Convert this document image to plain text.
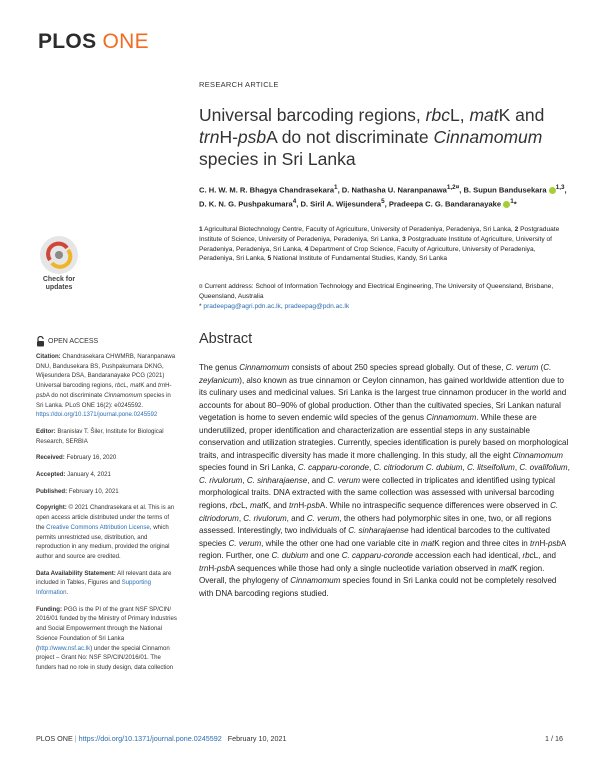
PLOS ONE
RESEARCH ARTICLE
Universal barcoding regions, rbcL, matK and trnH-psbA do not discriminate Cinnamomum species in Sri Lanka
C. H. W. M. R. Bhagya Chandrasekara$^1$, D. Nathasha U. Naranpanawa$^{1,2¤}$, B. Supun Bandusekara $^{1,3}$, D. K. N. G. Pushpakumara$^4$, D. Siril A. Wijesundera$^5$, Pradeepa C. G. Bandaranayake $^1$*
1 Agricultural Biotechnology Centre, Faculty of Agriculture, University of Peradeniya, Peradeniya, Sri Lanka, 2 Postgraduate Institute of Science, University of Peradeniya, Peradeniya, Sri Lanka, 3 Postgraduate Institute of Agriculture, University of Peradeniya, Peradeniya, Sri Lanka, 4 Department of Crop Science, Faculty of Agriculture, University of Peradeniya, Peradeniya, Sri Lanka, 5 National Institute of Fundamental Studies, Kandy, Sri Lanka
¤ Current address: School of Information Technology and Electrical Engineering, The University of Queensland, Brisbane, Queensland, Australia
* pradeepag@agri.pdn.ac.lk, pradeepag@pdn.ac.lk
Abstract
The genus Cinnamomum consists of about 250 species spread globally. Out of these, C. verum (C. zeylanicum), also known as true cinnamon or Ceylon cinnamon, has gained worldwide attention due to its culinary uses and medicinal values. Sri Lanka is the largest true cinnamon producer in the world and accounts for about 80–90% of global production. Other than the cultivated species, Sri Lankan natural vegetation is home to seven endemic wild species of the genus Cinnamomum. While these are underutilized, proper identification and characterization are essential steps in any sustainable conservation and utilization strategies. Currently, species identification is purely based on morphological traits, and intraspecific diversity has made it more challenging. In this study, all the eight Cinnamomum species found in Sri Lanka, C. capparu-coronde, C. citriodorum C. dubium, C. litseifolium, C. ovalifolium, C. rivulorum, C. sinharajaense, and C. verum were collected in triplicates and identified using typical morphological traits. DNA extracted with the same collection was assessed with universal barcoding regions, rbcL, matK, and trnH-psbA. While no intraspecific sequence differences were observed in C. citriodorum, C. rivulorum, and C. verum, the others had polymorphic sites in one, two, or all regions assessed. Interestingly, two individuals of C. sinharajaense had identical barcodes to the cultivated species C. verum, while the other one had one variable cite in matK region and three cites in trnH-psbA region. Further, one C. dubium and one C. capparu-coronde accession each had identical, rbcL, and trnH-psbA sequences while those had only a single nucleotide variation observed in matK region. Overall, the phylogeny of Cinnamomum species found in Sri Lanka could not be completely resolved with DNA barcoding regions studied.
Check for
updates
OPEN ACCESS

Citation: Chandrasekara CHWMRB, Naranpanawa DNU, Bandusekara BS, Pushpakumara DKNG, Wijesundera DSA, Bandaranayake PCG (2021) Universal barcoding regions, rbcL, matK and trnH-psbA do not discriminate Cinnamomum species in Sri Lanka. PLoS ONE 16(2): e0245592. https://doi.org/10.1371/journal.pone.0245592

Editor: Branislav T. Šiler, Institute for Biological Research, SERBIA

Received: February 16, 2020

Accepted: January 4, 2021

Published: February 10, 2021

Copyright: © 2021 Chandrasekara et al. This is an open access article distributed under the terms of the Creative Commons Attribution License, which permits unrestricted use, distribution, and reproduction in any medium, provided the original author and source are credited.

Data Availability Statement: All relevant data are included in Tables, Figures and Supporting Information.

Funding: PGG is the PI of the grant NSF SP/CIN/ 2016/01 funded by the Ministry of Primary Industries and Social Empowerment through the National Science Foundation of Sri Lanka (http://www.nsf.ac.lk) under the special Cinnamon project – Grant No: NSF SP/CIN/2016/01. The funders had no role in study design, data collection

PLOS ONE | https://doi.org/10.1371/journal.pone.0245592 February 10, 2021	1 / 16
